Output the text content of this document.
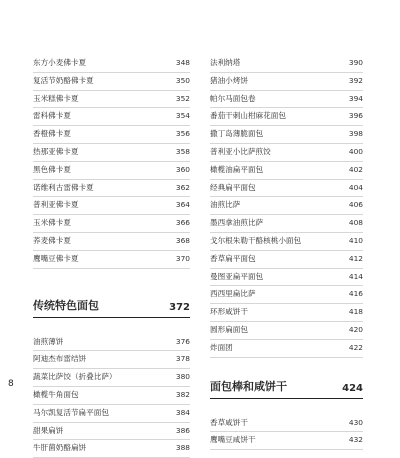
东方小麦佛卡夏	348
复活节奶酪佛卡夏	350
玉米糕佛卡夏	352
雷科佛卡夏	354
香橙佛卡夏	356
热那亚佛卡夏	358
黑色佛卡夏	360
诺维利古雷佛卡夏	362
普利亚佛卡夏	364
玉米佛卡夏	366
荞麦佛卡夏	368
鹰嘴豆佛卡夏	370
传统特色面包	372
油煎薄饼	376
阿迪杰布雷结饼	378
蔬菜比萨饺（折叠比萨）	380
橄榄牛角面包	382
马尔凯复活节扁平面包	384
甜果扁饼	386
牛肝菌奶酪扁饼	388
法利纳塔	390
猪油小烤饼	392
帕尔马面包卷	394
番茄干刺山柑麻花面包	396
撒丁岛薄脆面包	398
普利亚小比萨煎饺	400
橄榄油扁平面包	402
经典扁平面包	404
油煎比萨	406
墨西拿油煎比萨	408
戈尔根朱勒干酪核桃小面包	410
香草扁平面包	412
曼图亚扁平面包	414
西西里扁比萨	416
环形咸饼干	418
圆形扁面包	420
炸面团	422
面包棒和咸饼干	424
香草咸饼干	430
鹰嘴豆咸饼干	432
8
